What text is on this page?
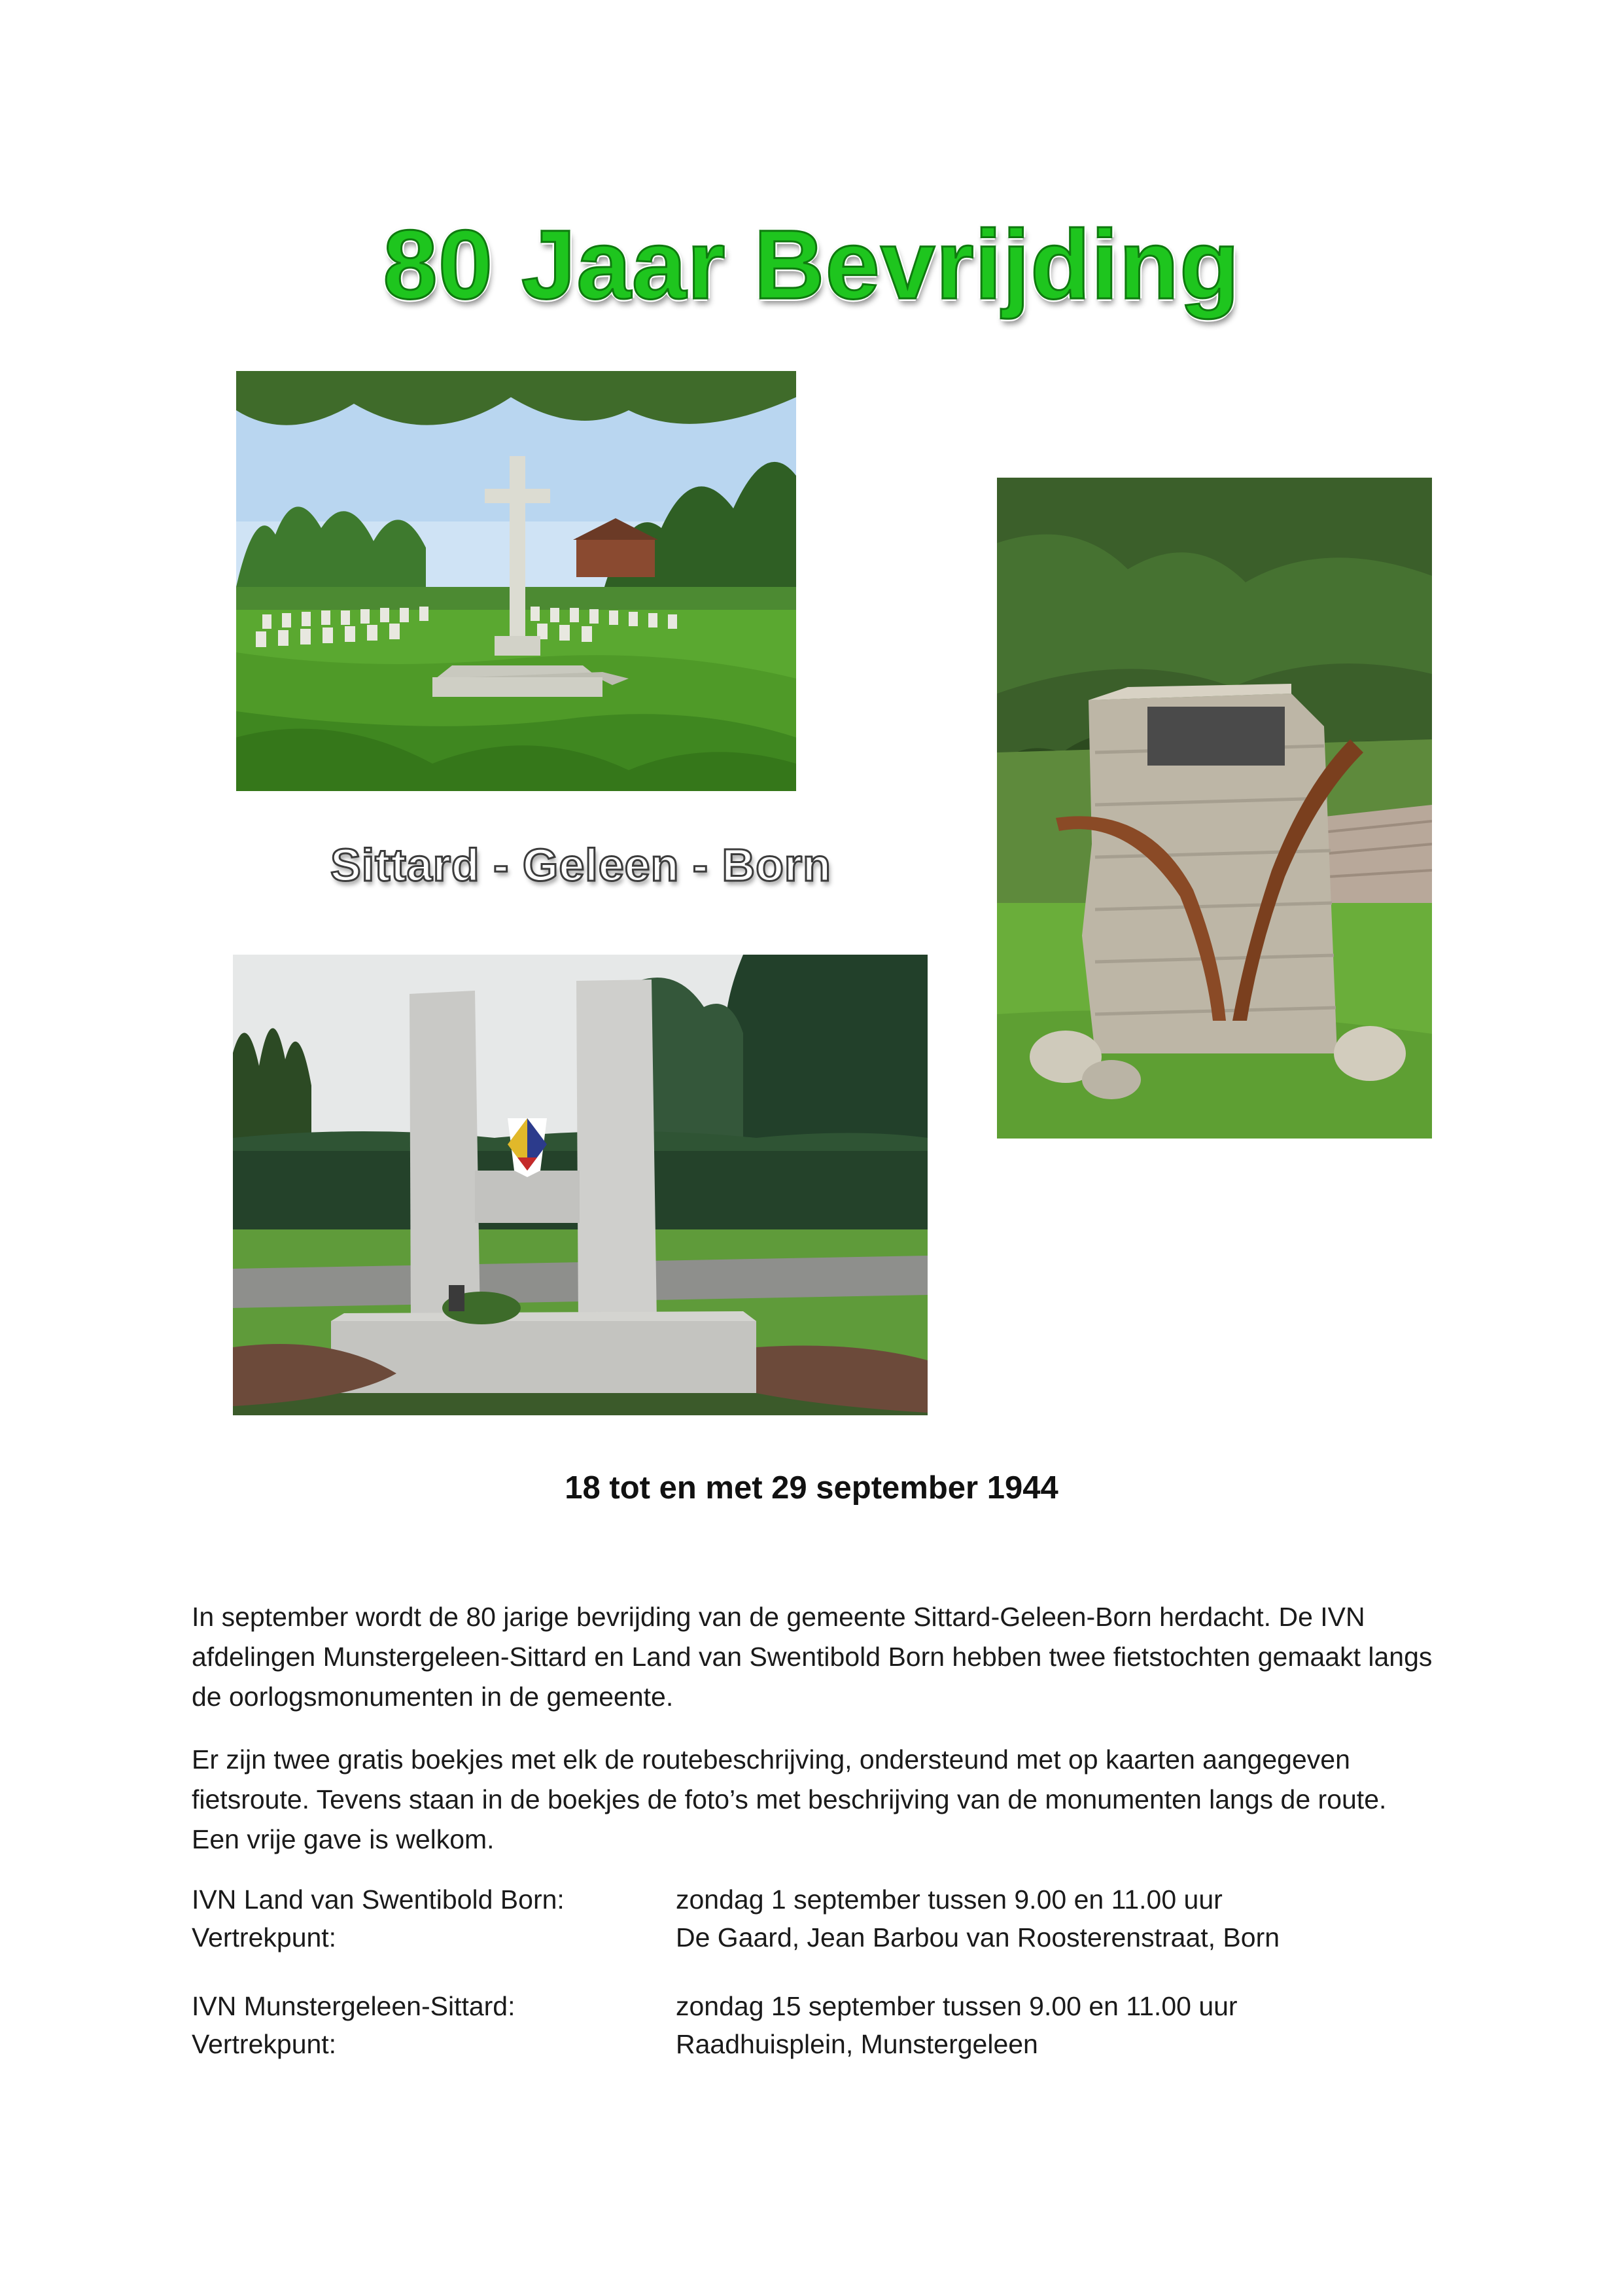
80 Jaar Bevrijding
Sittard - Geleen - Born
18 tot en met 29 september 1944
In september wordt de 80 jarige bevrijding van de gemeente Sittard-Geleen-Born herdacht. De IVN afdelingen Munstergeleen-Sittard en Land van Swentibold Born hebben twee fietstochten gemaakt langs de oorlogsmonumenten in de gemeente.
Er zijn twee gratis boekjes met elk de routebeschrijving, ondersteund met op kaarten aangegeven fietsroute. Tevens staan in de boekjes de foto’s met beschrijving van de monumenten langs de route. Een vrije gave is welkom.
IVN Land van Swentibold Born:	zondag 1 september tussen 9.00 en 11.00 uur
Vertrekpunt:	De Gaard, Jean Barbou van Roosterenstraat, Born
IVN Munstergeleen-Sittard:	zondag 15 september tussen 9.00 en 11.00 uur
Vertrekpunt:	Raadhuisplein, Munstergeleen
